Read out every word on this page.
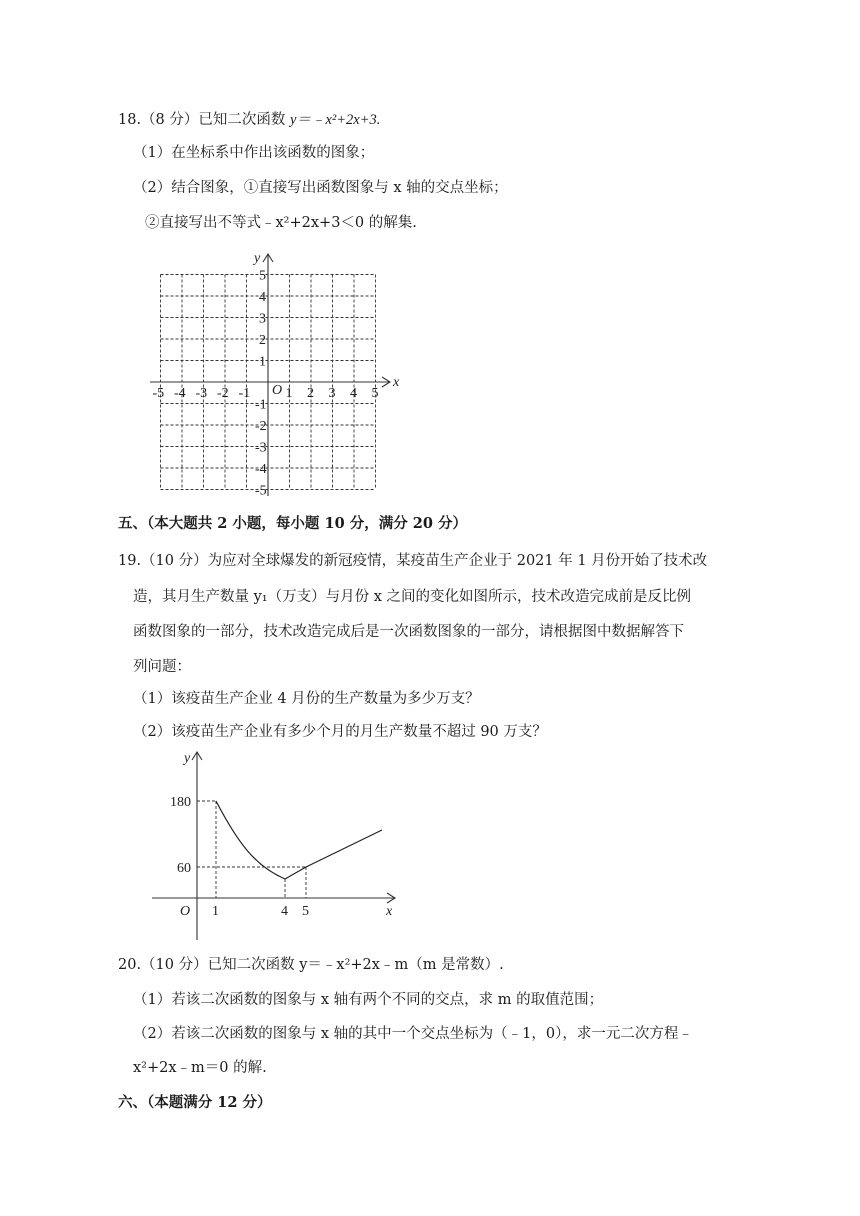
18.（8 分）已知二次函数 y＝﹣x²+2x+3.
（1）在坐标系中作出该函数的图象；
（2）结合图象，①直接写出函数图象与 x 轴的交点坐标；
②直接写出不等式﹣x²+2x+3＜0 的解集.
x
y
O
-5 -4 -3 -2 -1	1 2 3 4 5
5
4
3
2
1
-1
-2
-3
-4
-5
五、（本大题共 2 小题，每小题 10 分，满分 20 分）
19.（10 分）为应对全球爆发的新冠疫情，某疫苗生产企业于 2021 年 1 月份开始了技术改
造，其月生产数量 y₁（万支）与月份 x 之间的变化如图所示，技术改造完成前是反比例
函数图象的一部分，技术改造完成后是一次函数图象的一部分，请根据图中数据解答下
列问题：
（1）该疫苗生产企业 4 月份的生产数量为多少万支？
（2）该疫苗生产企业有多少个月的月生产数量不超过 90 万支？
y
x
O
180
60
1	4 5
20.（10 分）已知二次函数 y＝﹣x²+2x﹣m（m 是常数）.
（1）若该二次函数的图象与 x 轴有两个不同的交点，求 m 的取值范围；
（2）若该二次函数的图象与 x 轴的其中一个交点坐标为（﹣1，0），求一元二次方程﹣
x²+2x﹣m＝0 的解.
六、（本题满分 12 分）
